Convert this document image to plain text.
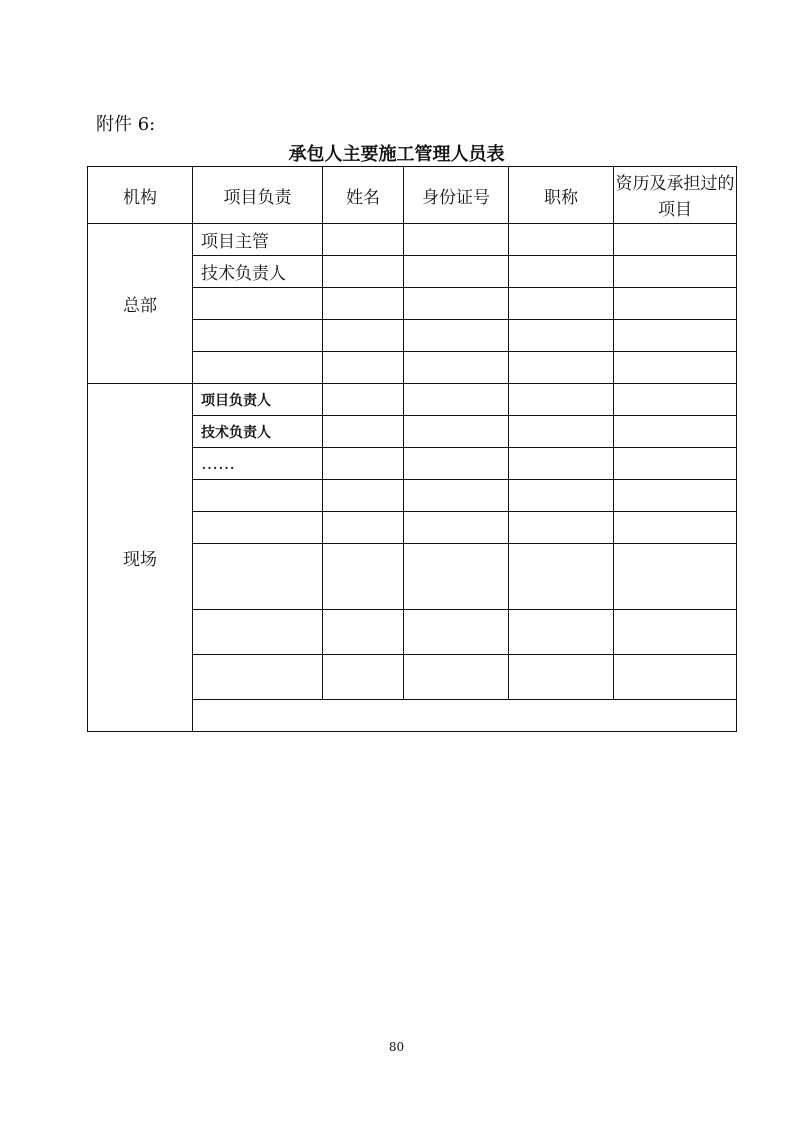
附件 6:
承包人主要施工管理人员表
机构	项目负责	姓名	身份证号	职称	资历及承担过的 项目
总部	项目主管				
	技术负责人				

现场	项目负责人				
	技术负责人				
	……				

80
